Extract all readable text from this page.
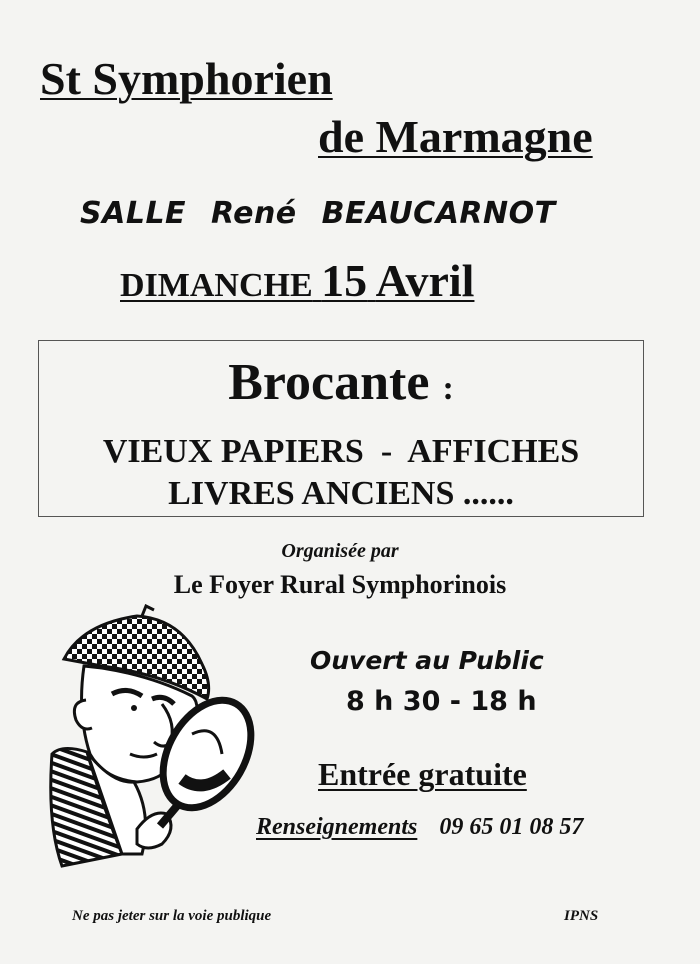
St Symphorien

de Marmagne

SALLE René BEAUCARNOT

DIMANCHE 15 Avril

Brocante :
VIEUX PAPIERS  -  AFFICHES
LIVRES ANCIENS ......

Organisée par

Le Foyer Rural Symphorinois

Ouvert au Public

8 h 30 - 18 h

Entrée gratuite

Renseignements 09 65 01 08 57

Ne pas jeter sur la voie publique	IPNS
